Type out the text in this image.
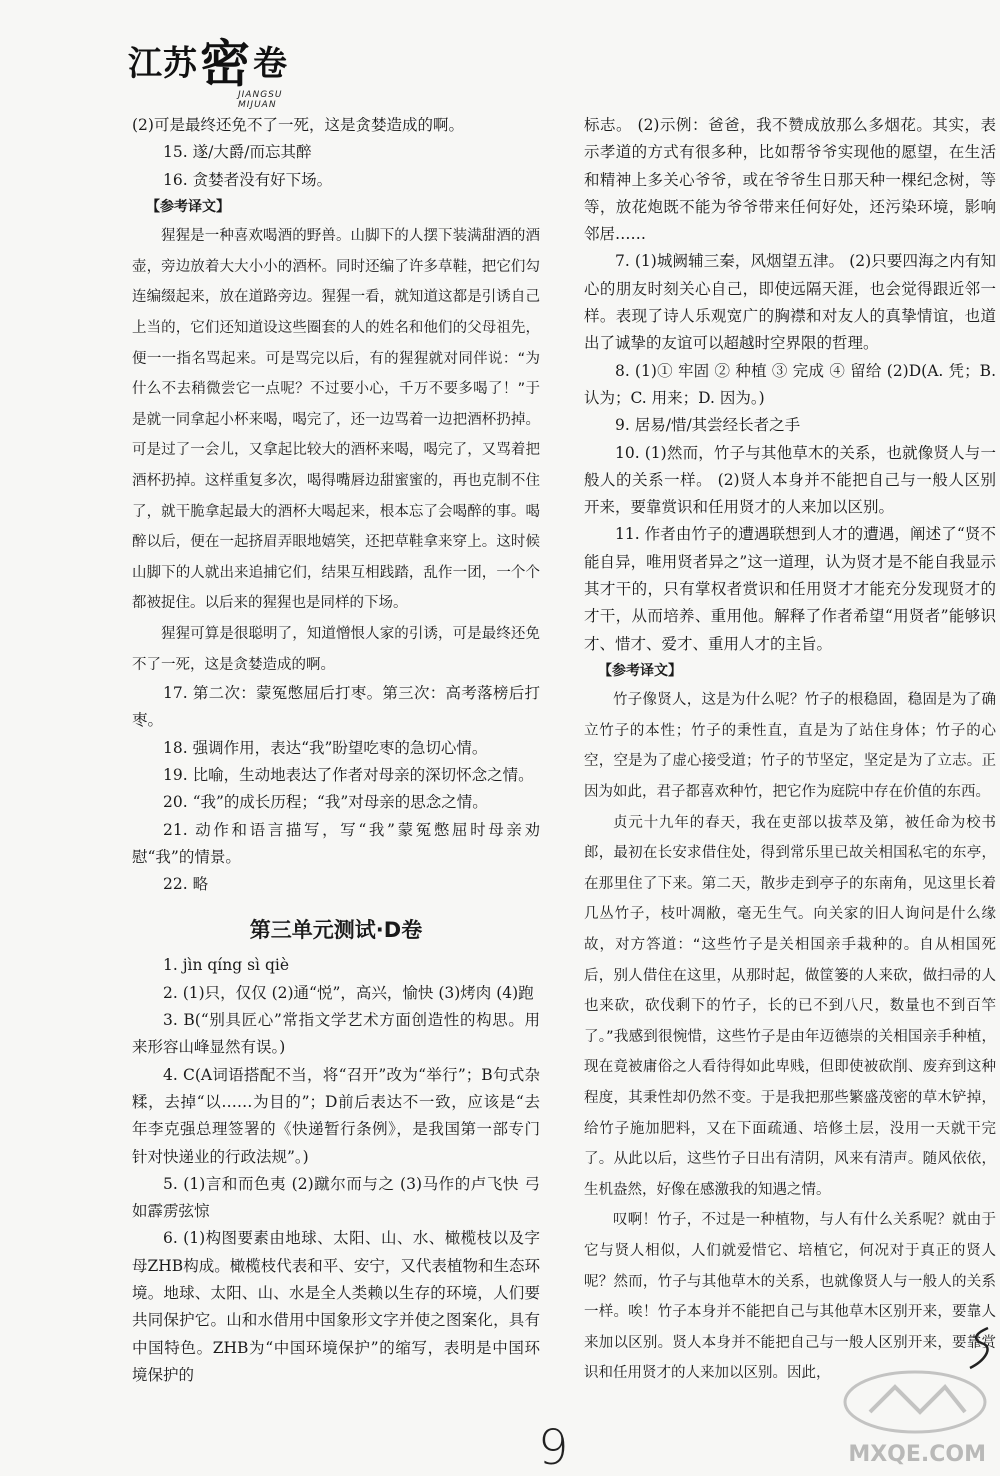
江苏密卷
JIANGSU MIJUAN

(2)可是最终还免不了一死，这是贪婪造成的啊。

15. 遂/大爵/而忘其醉

16. 贪婪者没有好下场。

【参考译文】

猩猩是一种喜欢喝酒的野兽。山脚下的人摆下装满甜酒的酒壶，旁边放着大大小小的酒杯。同时还编了许多草鞋，把它们勾连编缀起来，放在道路旁边。猩猩一看，就知道这都是引诱自己上当的，它们还知道设这些圈套的人的姓名和他们的父母祖先，便一一指名骂起来。可是骂完以后，有的猩猩就对同伴说：“为什么不去稍微尝它一点呢？不过要小心，千万不要多喝了！”于是就一同拿起小杯来喝，喝完了，还一边骂着一边把酒杯扔掉。可是过了一会儿，又拿起比较大的酒杯来喝，喝完了，又骂着把酒杯扔掉。这样重复多次，喝得嘴唇边甜蜜蜜的，再也克制不住了，就干脆拿起最大的酒杯大喝起来，根本忘了会喝醉的事。喝醉以后，便在一起挤眉弄眼地嬉笑，还把草鞋拿来穿上。这时候山脚下的人就出来追捕它们，结果互相践踏，乱作一团，一个个都被捉住。以后来的猩猩也是同样的下场。

猩猩可算是很聪明了，知道憎恨人家的引诱，可是最终还免不了一死，这是贪婪造成的啊。

17. 第二次：蒙冤憋屈后打枣。第三次：高考落榜后打枣。

18. 强调作用，表达“我”盼望吃枣的急切心情。

19. 比喻，生动地表达了作者对母亲的深切怀念之情。

20. “我”的成长历程；“我”对母亲的思念之情。

21. 动作和语言描写，写“我”蒙冤憋屈时母亲劝慰“我”的情景。

22. 略

第三单元测试·D卷

1. jìn qíng sì qiè

2. (1)只，仅仅 (2)通“悦”，高兴，愉快 (3)烤肉 (4)跑

3. B(“别具匠心”常指文学艺术方面创造性的构思。用来形容山峰显然有误。)

4. C(A词语搭配不当，将“召开”改为“举行”；B句式杂糅，去掉“以……为目的”；D前后表达不一致，应该是“去年李克强总理签署的《快递暂行条例》，是我国第一部专门针对快递业的行政法规”。)

5. (1)言和而色夷 (2)蹴尔而与之 (3)马作的卢飞快 弓如霹雳弦惊

6. (1)构图要素由地球、太阳、山、水、橄榄枝以及字母ZHB构成。橄榄枝代表和平、安宁，又代表植物和生态环境。地球、太阳、山、水是全人类赖以生存的环境，人们要共同保护它。山和水借用中国象形文字并使之图案化，具有中国特色。ZHB为“中国环境保护”的缩写，表明是中国环境保护的

标志。 (2)示例：爸爸，我不赞成放那么多烟花。其实，表示孝道的方式有很多种，比如帮爷爷实现他的愿望，在生活和精神上多关心爷爷，或在爷爷生日那天种一棵纪念树，等等，放花炮既不能为爷爷带来任何好处，还污染环境，影响邻居……

7. (1)城阙辅三秦，风烟望五津。 (2)只要四海之内有知心的朋友时刻关心自己，即使远隔天涯，也会觉得跟近邻一样。表现了诗人乐观宽广的胸襟和对友人的真挚情谊，也道出了诚挚的友谊可以超越时空界限的哲理。

8. (1)① 牢固 ② 种植 ③ 完成 ④ 留给 (2)D(A. 凭；B. 认为；C. 用来；D. 因为。)

9. 居易/惜/其尝经长者之手

10. (1)然而，竹子与其他草木的关系，也就像贤人与一般人的关系一样。 (2)贤人本身并不能把自己与一般人区别开来，要靠赏识和任用贤才的人来加以区别。

11. 作者由竹子的遭遇联想到人才的遭遇，阐述了“贤不能自异，唯用贤者异之”这一道理，认为贤才是不能自我显示其才干的，只有掌权者赏识和任用贤才才能充分发现贤才的才干，从而培养、重用他。解释了作者希望“用贤者”能够识才、惜才、爱才、重用人才的主旨。

【参考译文】

竹子像贤人，这是为什么呢？竹子的根稳固，稳固是为了确立竹子的本性；竹子的秉性直，直是为了站住身体；竹子的心空，空是为了虚心接受道；竹子的节坚定，坚定是为了立志。正因为如此，君子都喜欢种竹，把它作为庭院中存在价值的东西。

贞元十九年的春天，我在吏部以拔萃及第，被任命为校书郎，最初在长安求借住处，得到常乐里已故关相国私宅的东亭，在那里住了下来。第二天，散步走到亭子的东南角，见这里长着几丛竹子，枝叶凋敝，毫无生气。向关家的旧人询问是什么缘故，对方答道：“这些竹子是关相国亲手栽种的。自从相国死后，别人借住在这里，从那时起，做筐篓的人来砍，做扫帚的人也来砍，砍伐剩下的竹子，长的已不到八尺，数量也不到百竿了。”我感到很惋惜，这些竹子是由年迈德崇的关相国亲手种植，现在竟被庸俗之人看待得如此卑贱，但即使被砍削、废弃到这种程度，其秉性却仍然不变。于是我把那些繁盛茂密的草木铲掉，给竹子施加肥料，又在下面疏通、培修土层，没用一天就干完了。从此以后，这些竹子日出有清阴，风来有清声。随风依依，生机盎然，好像在感激我的知遇之情。

叹啊！竹子，不过是一种植物，与人有什么关系呢？就由于它与贤人相似，人们就爱惜它、培植它，何况对于真正的贤人呢？然而，竹子与其他草木的关系，也就像贤人与一般人的关系一样。唉！竹子本身并不能把自己与其他草木区别开来，要靠人来加以区别。贤人本身并不能把自己与一般人区别开来，要靠赏识和任用贤才的人来加以区别。因此，

9	MXQE.COM
